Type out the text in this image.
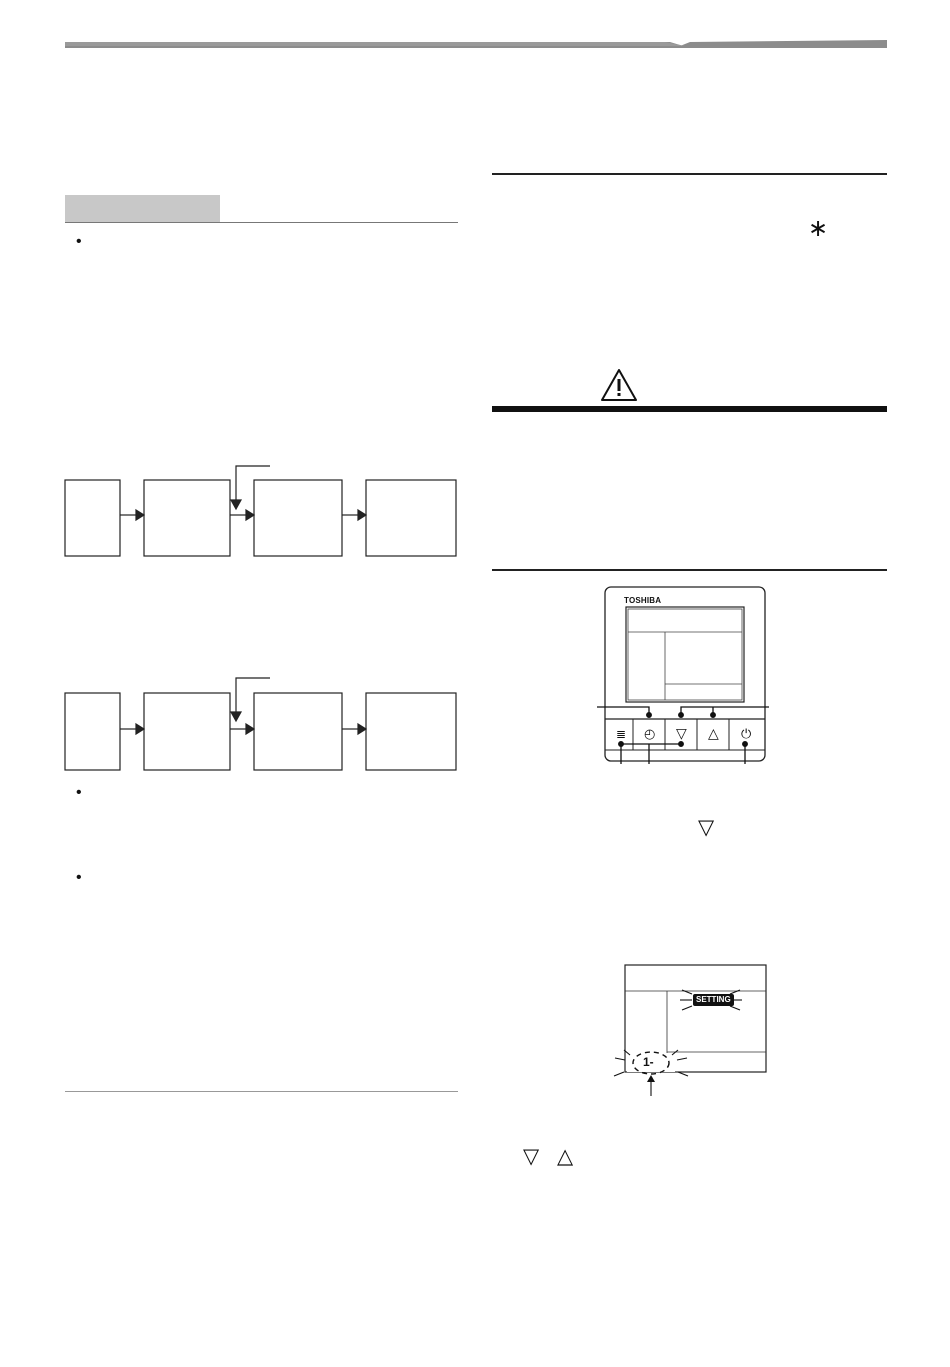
•
•
•
∗
TOSHIBA
≣ ◴ ▽ △ ⏻
▽
SETTING
1-
▽ △
